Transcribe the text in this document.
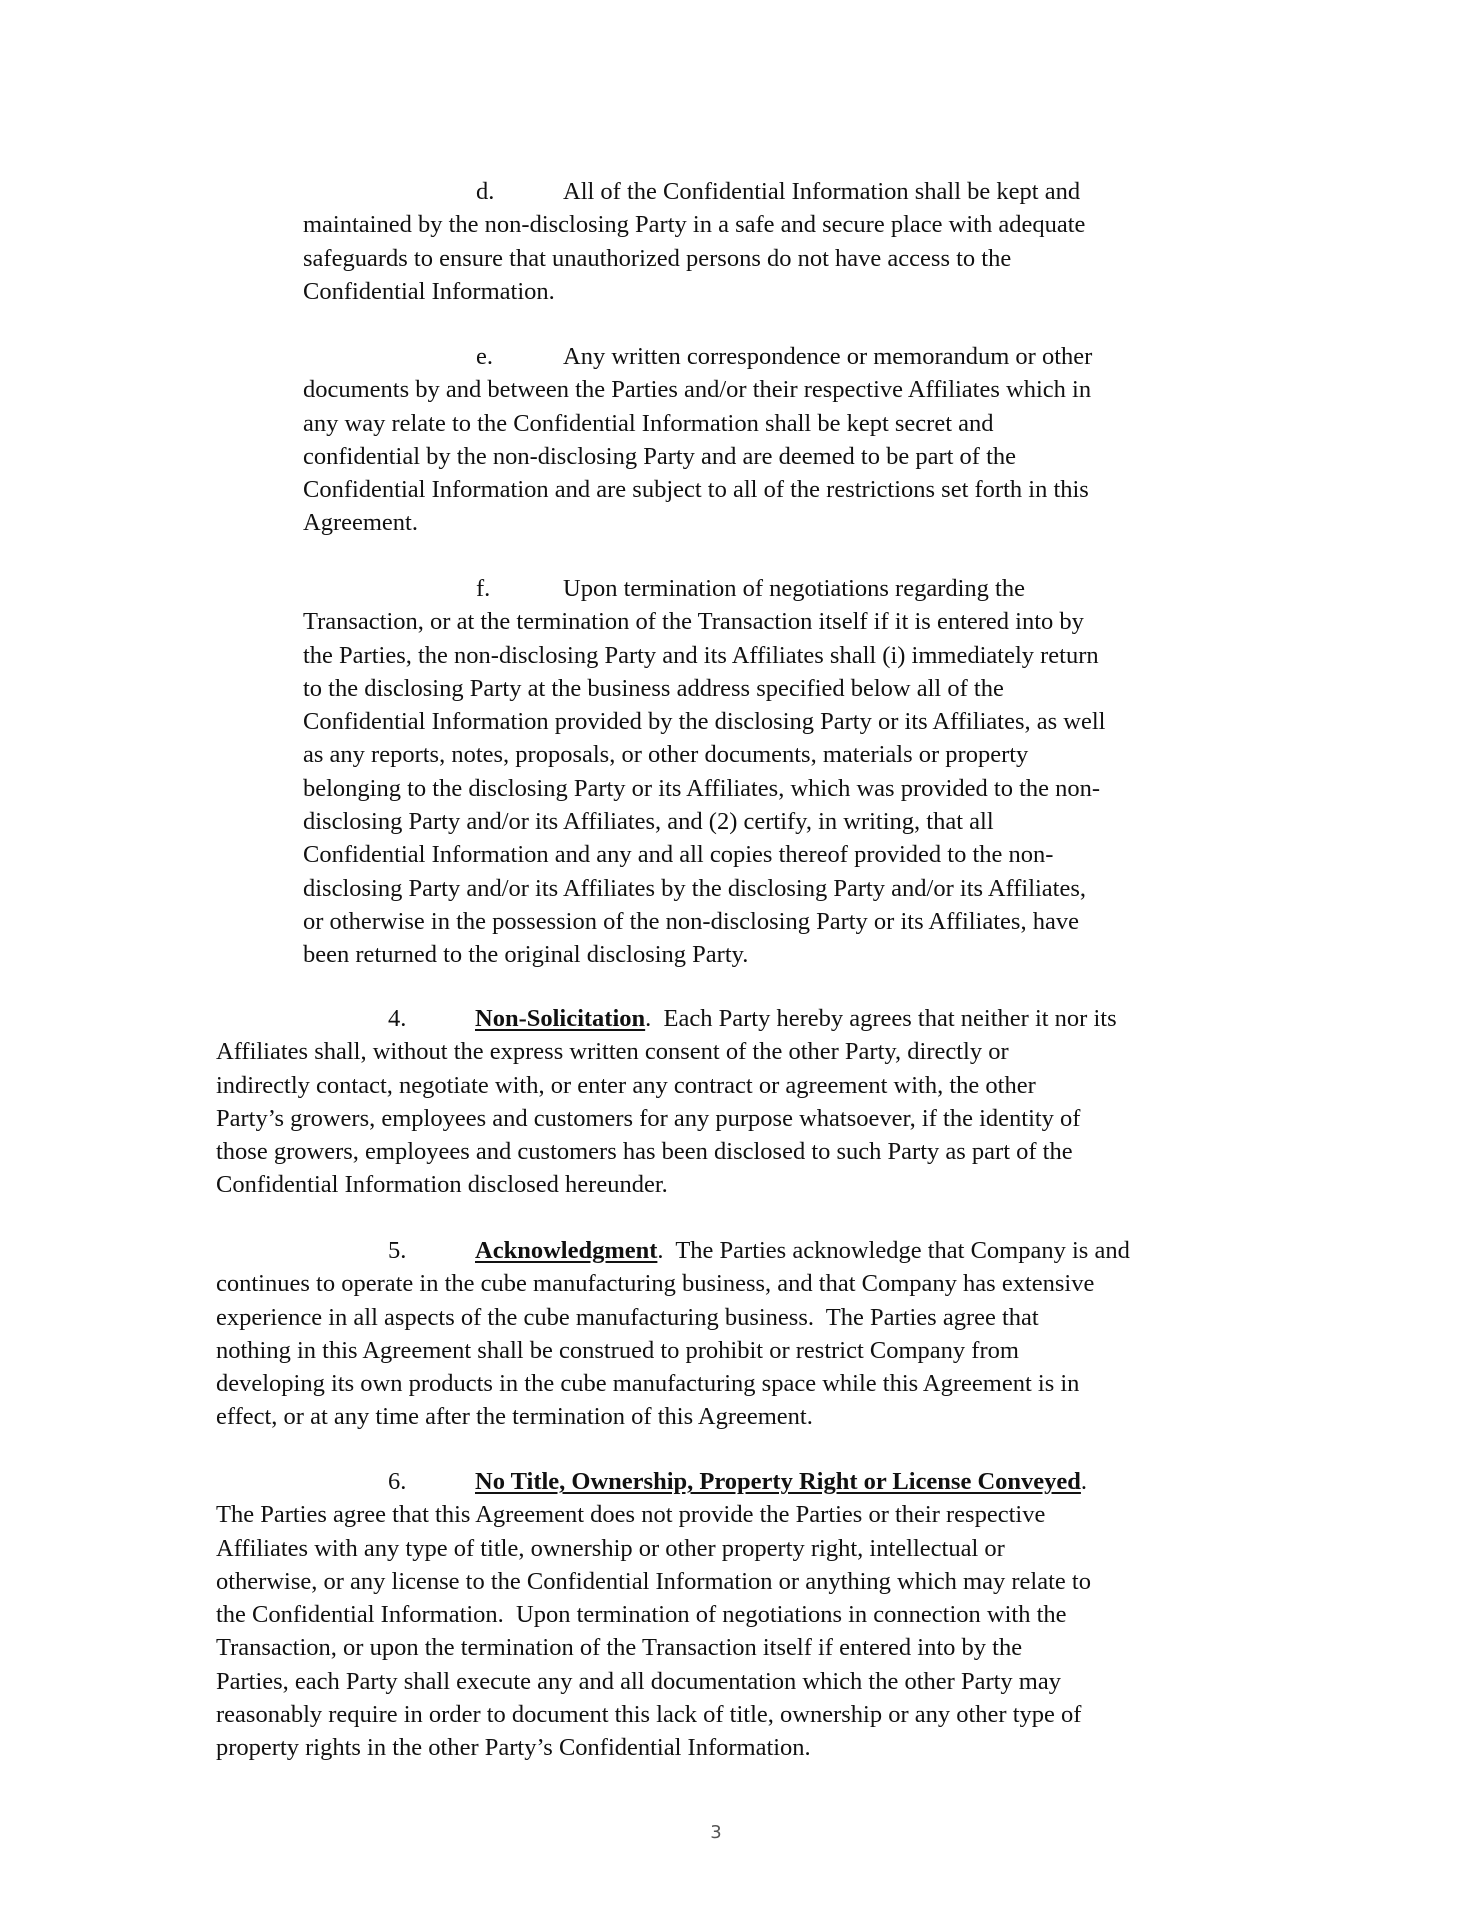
d.	All of the Confidential Information shall be kept and
maintained by the non-disclosing Party in a safe and secure place with adequate
safeguards to ensure that unauthorized persons do not have access to the
Confidential Information.
e.	Any written correspondence or memorandum or other
documents by and between the Parties and/or their respective Affiliates which in
any way relate to the Confidential Information shall be kept secret and
confidential by the non-disclosing Party and are deemed to be part of the
Confidential Information and are subject to all of the restrictions set forth in this
Agreement.
f.	Upon termination of negotiations regarding the
Transaction, or at the termination of the Transaction itself if it is entered into by
the Parties, the non-disclosing Party and its Affiliates shall (i) immediately return
to the disclosing Party at the business address specified below all of the
Confidential Information provided by the disclosing Party or its Affiliates, as well
as any reports, notes, proposals, or other documents, materials or property
belonging to the disclosing Party or its Affiliates, which was provided to the non-
disclosing Party and/or its Affiliates, and (2) certify, in writing, that all
Confidential Information and any and all copies thereof provided to the non-
disclosing Party and/or its Affiliates by the disclosing Party and/or its Affiliates,
or otherwise in the possession of the non-disclosing Party or its Affiliates, have
been returned to the original disclosing Party.
4.	Non-Solicitation.  Each Party hereby agrees that neither it nor its
Affiliates shall, without the express written consent of the other Party, directly or
indirectly contact, negotiate with, or enter any contract or agreement with, the other
Party’s growers, employees and customers for any purpose whatsoever, if the identity of
those growers, employees and customers has been disclosed to such Party as part of the
Confidential Information disclosed hereunder.
5.	Acknowledgment.  The Parties acknowledge that Company is and
continues to operate in the cube manufacturing business, and that Company has extensive
experience in all aspects of the cube manufacturing business.  The Parties agree that
nothing in this Agreement shall be construed to prohibit or restrict Company from
developing its own products in the cube manufacturing space while this Agreement is in
effect, or at any time after the termination of this Agreement.
6.	No Title, Ownership, Property Right or License Conveyed.
The Parties agree that this Agreement does not provide the Parties or their respective
Affiliates with any type of title, ownership or other property right, intellectual or
otherwise, or any license to the Confidential Information or anything which may relate to
the Confidential Information.  Upon termination of negotiations in connection with the
Transaction, or upon the termination of the Transaction itself if entered into by the
Parties, each Party shall execute any and all documentation which the other Party may
reasonably require in order to document this lack of title, ownership or any other type of
property rights in the other Party’s Confidential Information.
3
